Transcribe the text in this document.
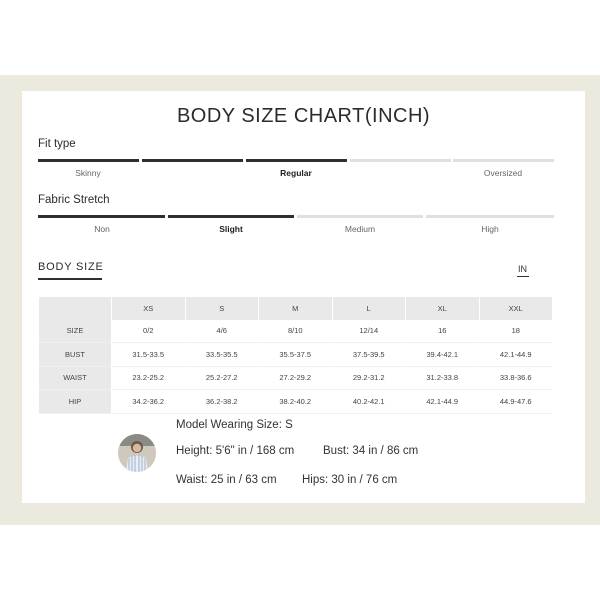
BODY SIZE CHART(INCH)
Fit type
Skinny	Regular	Oversized
Fabric Stretch
Non	Slight	Medium	High
BODY SIZE	IN
	XS	S	M	L	XL	XXL
SIZE	0/2	4/6	8/10	12/14	16	18
BUST	31.5-33.5	33.5-35.5	35.5-37.5	37.5-39.5	39.4-42.1	42.1-44.9
WAIST	23.2-25.2	25.2-27.2	27.2-29.2	29.2-31.2	31.2-33.8	33.8-36.6
HIP	34.2-36.2	36.2-38.2	38.2-40.2	40.2-42.1	42.1-44.9	44.9-47.6
Model Wearing Size: S
Height: 5'6" in / 168 cm	Bust: 34 in / 86 cm
Waist: 25 in / 63 cm Hips: 30 in / 76 cm
